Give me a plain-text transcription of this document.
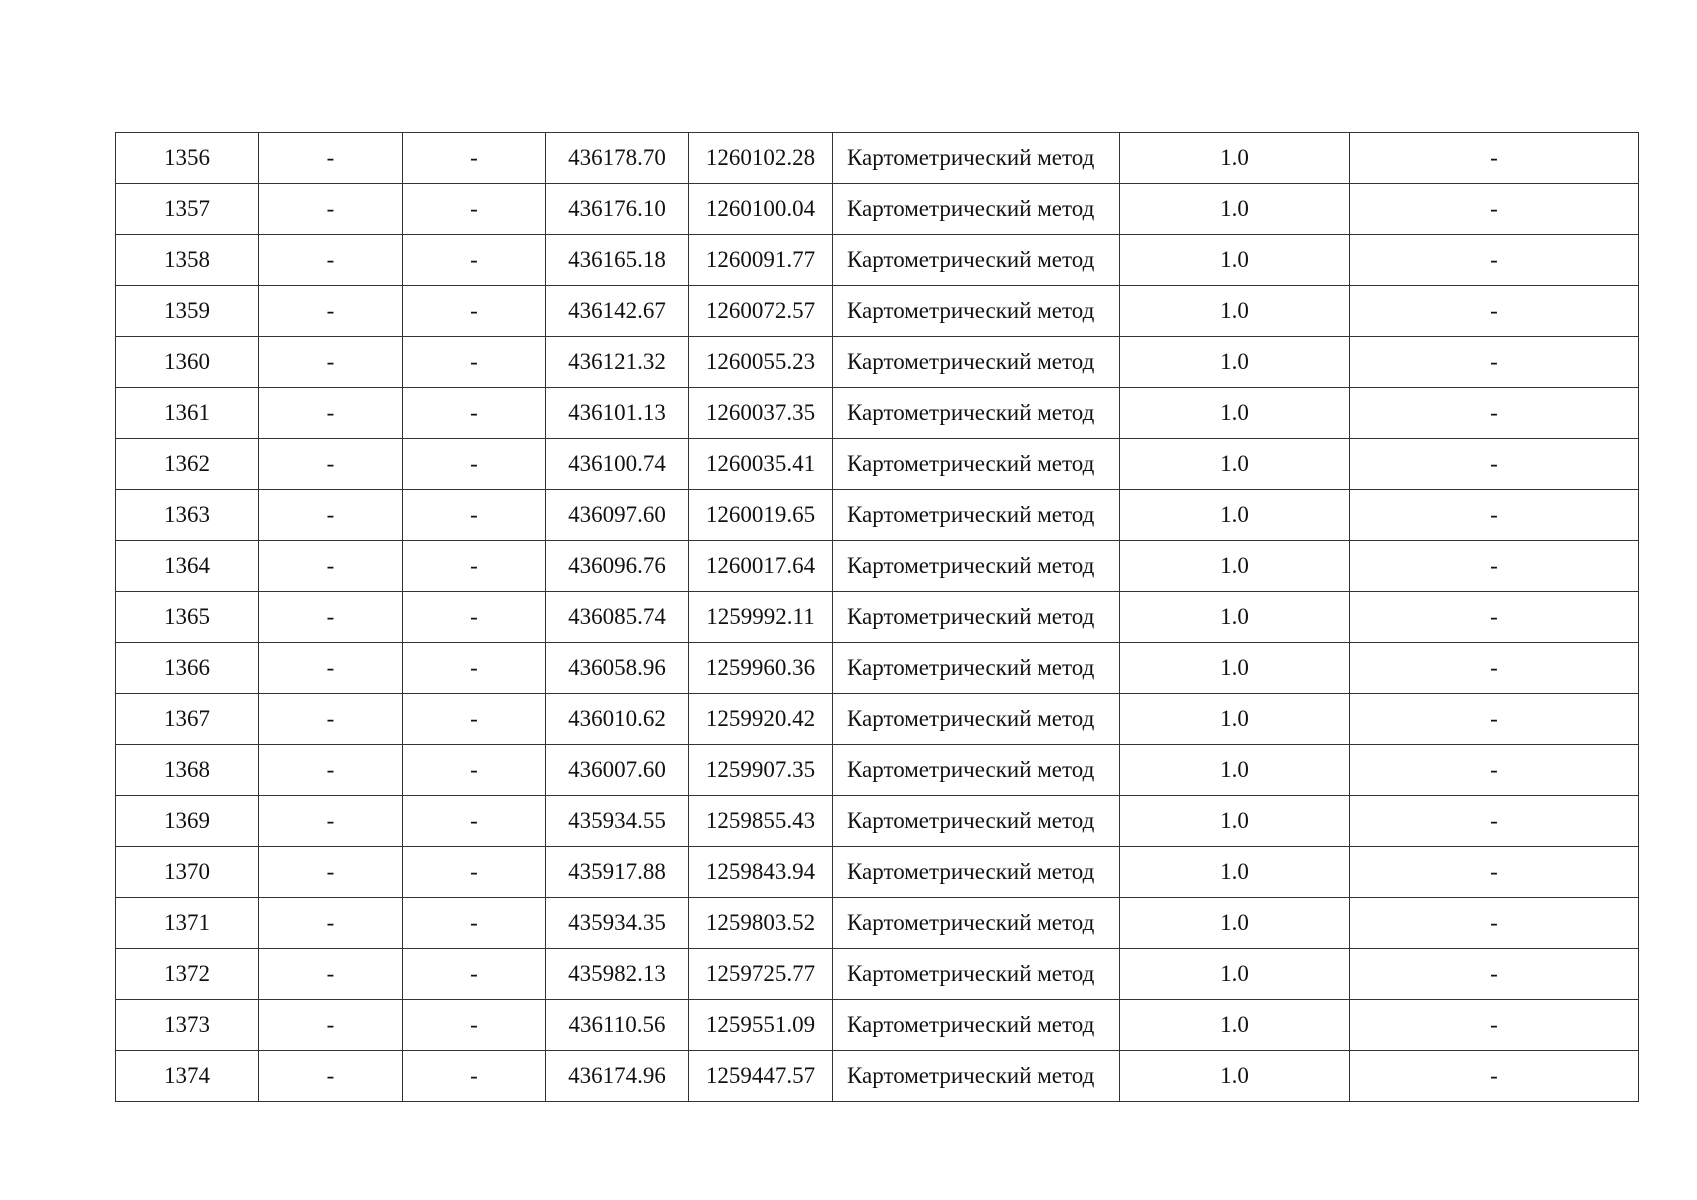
1356	-	-	436178.70	1260102.28	Картометрический метод	1.0	-
1357	-	-	436176.10	1260100.04	Картометрический метод	1.0	-
1358	-	-	436165.18	1260091.77	Картометрический метод	1.0	-
1359	-	-	436142.67	1260072.57	Картометрический метод	1.0	-
1360	-	-	436121.32	1260055.23	Картометрический метод	1.0	-
1361	-	-	436101.13	1260037.35	Картометрический метод	1.0	-
1362	-	-	436100.74	1260035.41	Картометрический метод	1.0	-
1363	-	-	436097.60	1260019.65	Картометрический метод	1.0	-
1364	-	-	436096.76	1260017.64	Картометрический метод	1.0	-
1365	-	-	436085.74	1259992.11	Картометрический метод	1.0	-
1366	-	-	436058.96	1259960.36	Картометрический метод	1.0	-
1367	-	-	436010.62	1259920.42	Картометрический метод	1.0	-
1368	-	-	436007.60	1259907.35	Картометрический метод	1.0	-
1369	-	-	435934.55	1259855.43	Картометрический метод	1.0	-
1370	-	-	435917.88	1259843.94	Картометрический метод	1.0	-
1371	-	-	435934.35	1259803.52	Картометрический метод	1.0	-
1372	-	-	435982.13	1259725.77	Картометрический метод	1.0	-
1373	-	-	436110.56	1259551.09	Картометрический метод	1.0	-
1374	-	-	436174.96	1259447.57	Картометрический метод	1.0	-
